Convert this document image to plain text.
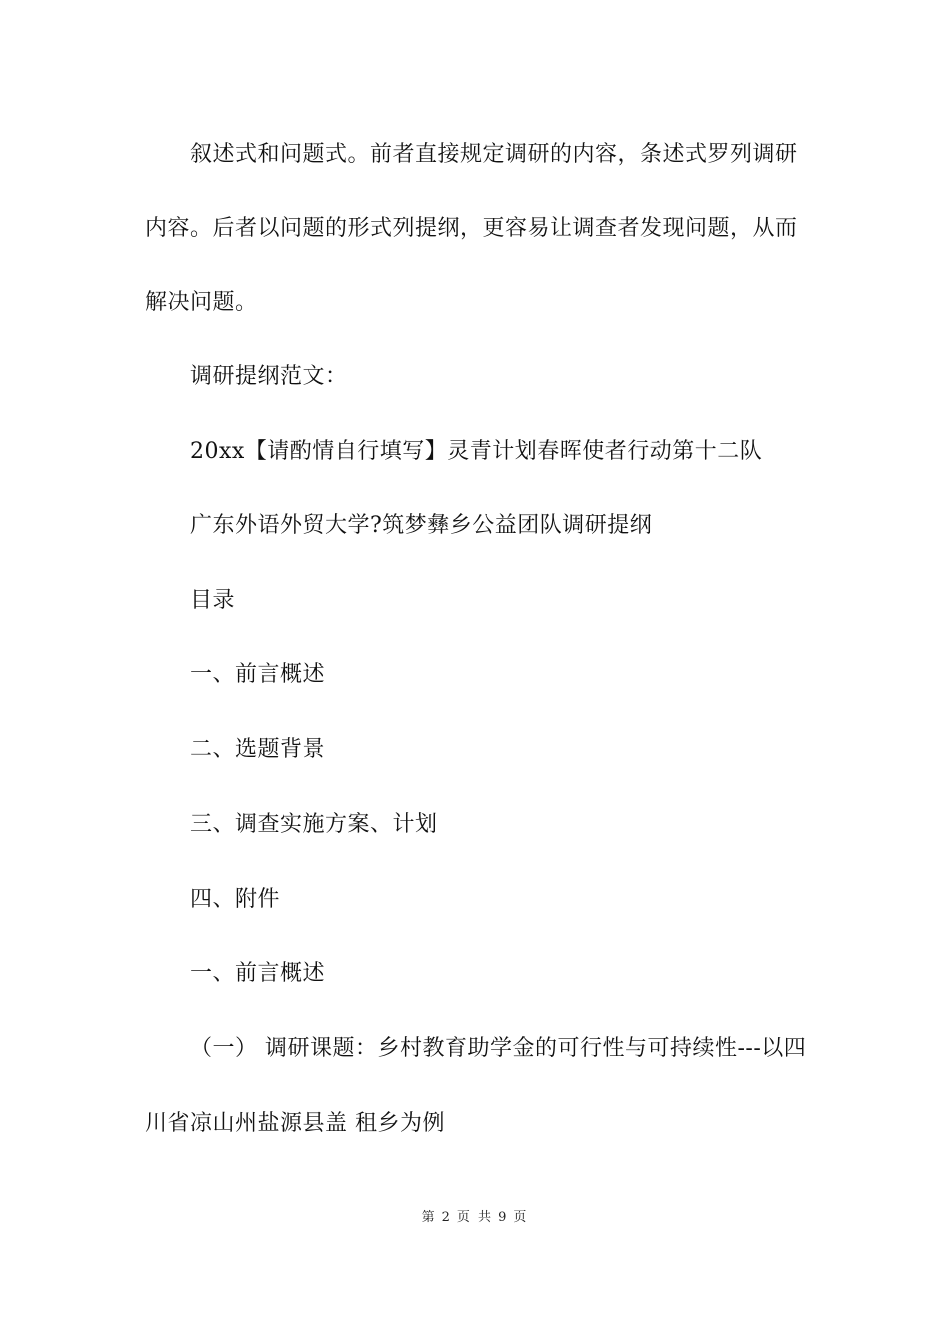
叙述式和问题式。前者直接规定调研的内容，条述式罗列调研
内容。后者以问题的形式列提纲，更容易让调查者发现问题，从而
解决问题。
调研提纲范文：
20xx【请酌情自行填写】灵青计划春晖使者行动第十二队
广东外语外贸大学?筑梦彝乡公益团队调研提纲
目录
一、前言概述
二、选题背景
三、调查实施方案、计划
四、附件
一、前言概述
（一） 调研课题：乡村教育助学金的可行性与可持续性---以四
川省凉山州盐源县盖 租乡为例
第 2 页 共 9 页
